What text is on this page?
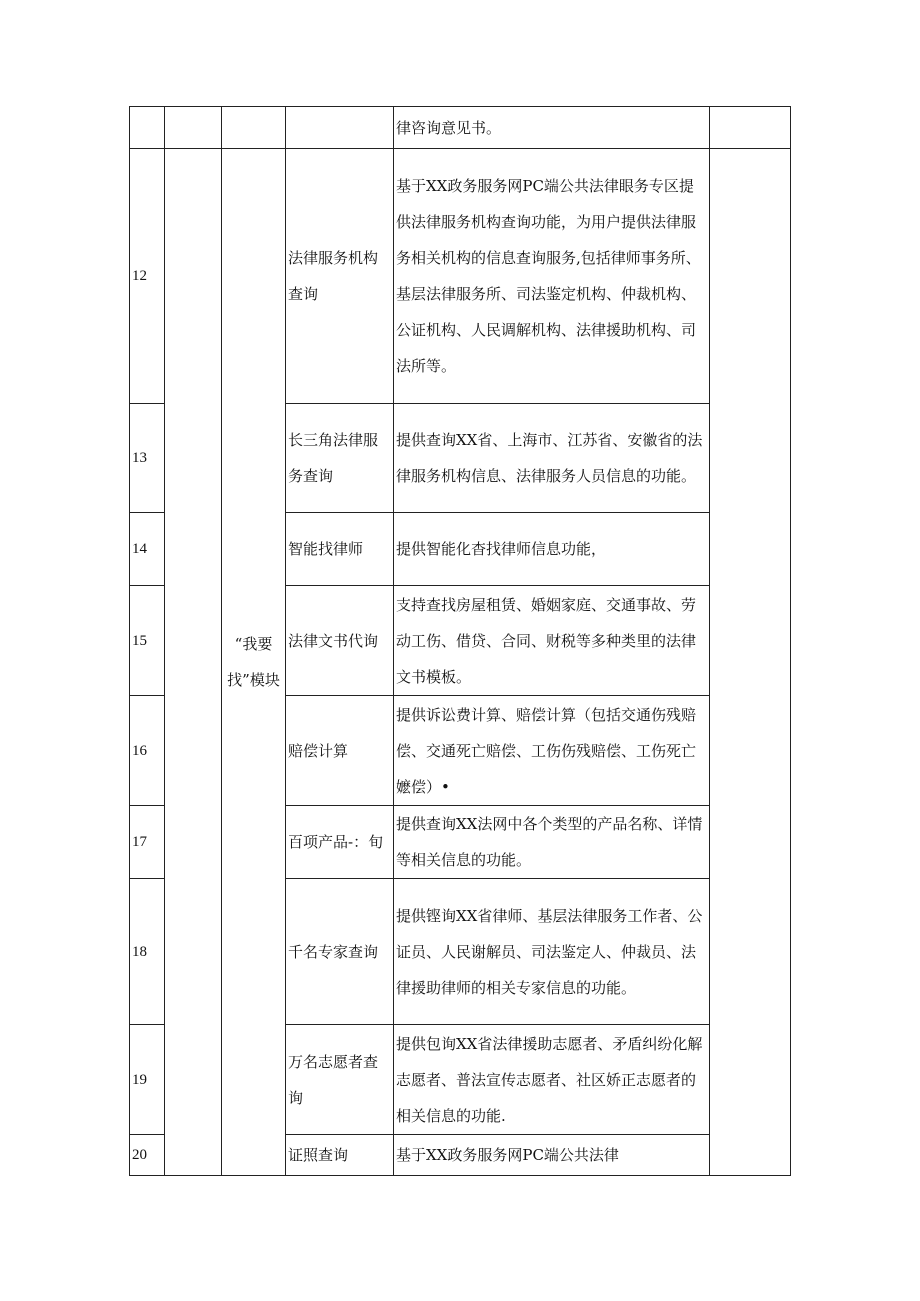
				律咨询意见书。	
12		“我要找”模块	法律服务机构查询	基于XX政务服务网PC端公共法律眼务专区提供法律服务机构查询功能，为用户提供法律服务相关机构的信息查询服务,包括律师事务所、基层法律服务所、司法鉴定机构、仲裁机构、公证机构、人民调解机构、法律援助机构、司法所等。	
13			长三角法律服务查询	提供查询XX省、上海市、江苏省、安徽省的法律服务机构信息、法律服务人员信息的功能。	
14			智能找律师	提供智能化杳找律师信息功能，	
15			法律文书代询	支持查找房屋租赁、婚姻家庭、交通事故、劳动工伤、借贷、合同、财税等多种类里的法律文书模板。	
16			赔偿计算	提供诉讼费计算、赔偿计算（包括交通伤残赔偿、交通死亡赔偿、工伤伤残赔偿、工伤死亡嬷偿）•	
17			百项产品-：旬	提供查询XX法网中各个类型的产品名称、详情等相关信息的功能。	
18			千名专家查询	提供铿询XX省律师、基层法律服务工作者、公证员、人民谢解员、司法鉴定人、仲裁员、法律援助律师的相关专家信息的功能。	
19			万名志愿者查询	提供包询XX省法律援助志愿者、矛盾纠纷化解志愿者、普法宣传志愿者、社区娇正志愿者的相关信息的功能.	
20			证照查询	基于XX政务服务网PC端公共法律	
